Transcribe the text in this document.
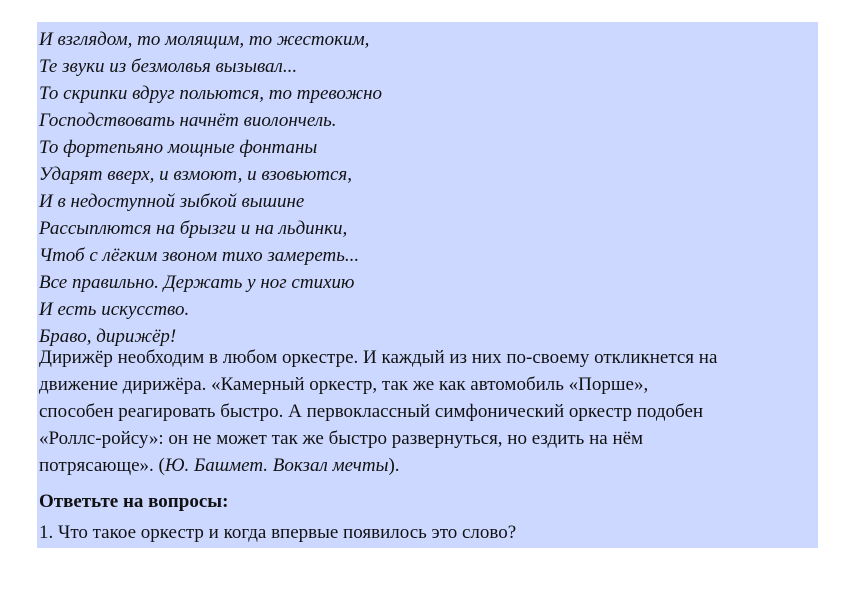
И взглядом, то молящим, то жестоким,
Те звуки из безмолвья вызывал...
То скрипки вдруг польются, то тревожно
Господствовать начнёт виолончель.
То фортепьяно мощные фонтаны
Ударят вверх, и взмоют, и взовьются,
И в недоступной зыбкой вышине
Рассыплются на брызги и на льдинки,
Чтоб с лёгким звоном тихо замереть...
Все правильно. Держать у ног стихию
И есть искусство.
Браво, дирижёр!
Дирижёр необходим в любом оркестре. И каждый из них по-своему откликнется на
движение дирижёра. «Камерный оркестр, так же как автомобиль «Порше»,
способен реагировать быстро. А первоклассный симфонический оркестр подобен
«Роллс-ройсу»: он не может так же быстро развернуться, но ездить на нём
потрясающе». (Ю. Башмет. Вокзал мечты).
Ответьте на вопросы:
1. Что такое оркестр и когда впервые появилось это слово?
